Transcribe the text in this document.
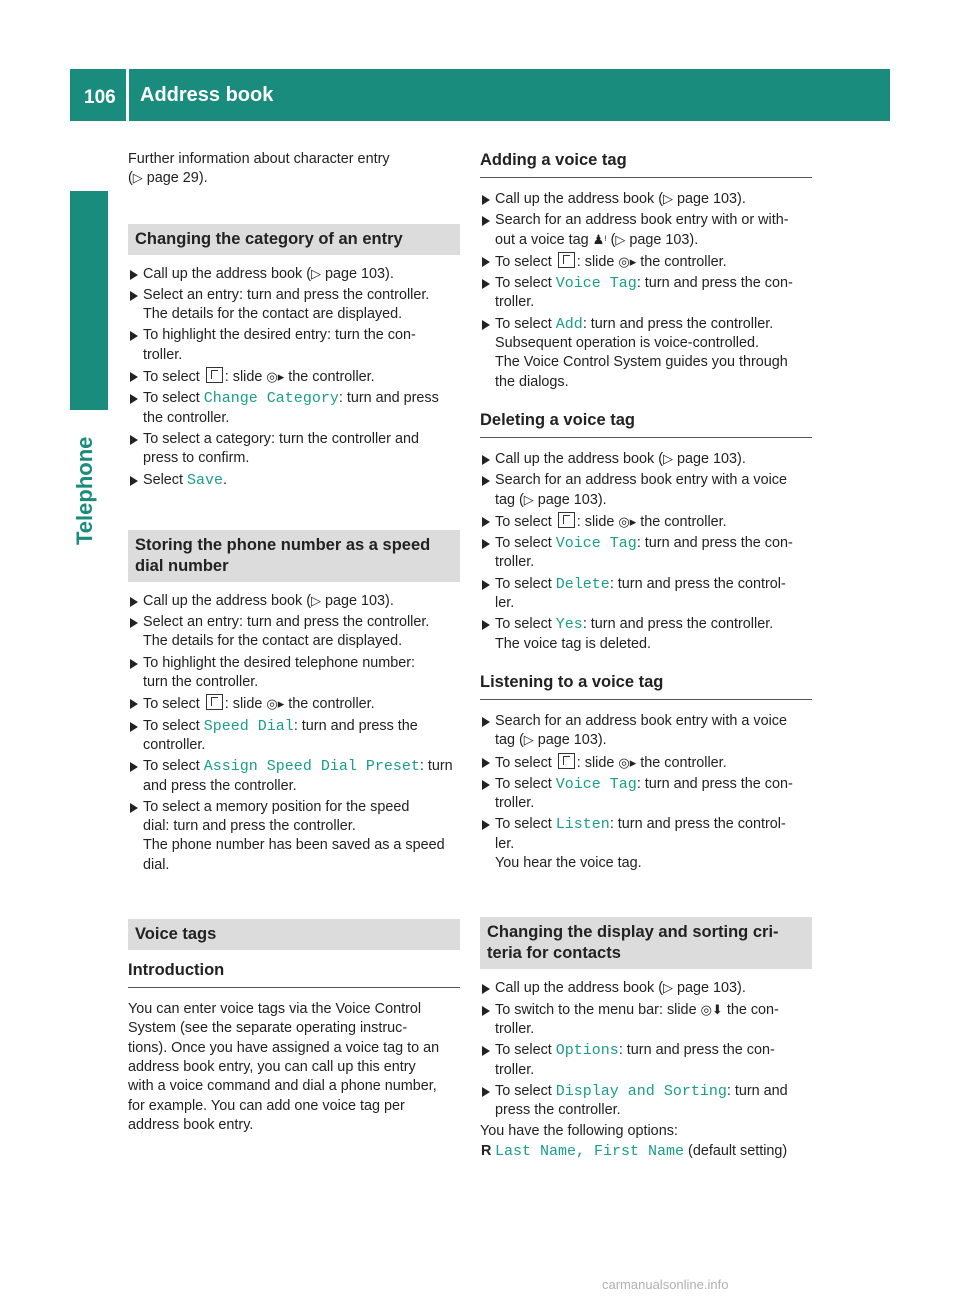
106 Address book
Telephone

Further information about character entry
(▷ page 29).

Changing the category of an entry
Call up the address book (▷ page 103).
Select an entry: turn and press the controller.
The details for the contact are displayed.
To highlight the desired entry: turn the con-
troller.
To select : slide ◎▸ the controller.
To select Change Category: turn and press
the controller.
To select a category: turn the controller and
press to confirm.
Select Save.
Storing the phone number as a speed
dial number
Call up the address book (▷ page 103).
Select an entry: turn and press the controller.
The details for the contact are displayed.
To highlight the desired telephone number:
turn the controller.
To select : slide ◎▸ the controller.
To select Speed Dial: turn and press the
controller.
To select Assign Speed Dial Preset: turn
and press the controller.
To select a memory position for the speed
dial: turn and press the controller.
The phone number has been saved as a speed
dial.
Voice tags
Introduction

You can enter voice tags via the Voice Control
System (see the separate operating instruc-
tions). Once you have assigned a voice tag to an
address book entry, you can call up this entry
with a voice command and dial a phone number,
for example. You can add one voice tag per
address book entry.

Adding a voice tag
Call up the address book (▷ page 103).
Search for an address book entry with or with-
out a voice tag ♟ᵎ (▷ page 103).
To select : slide ◎▸ the controller.
To select Voice Tag: turn and press the con-
troller.
To select Add: turn and press the controller.
Subsequent operation is voice-controlled.
The Voice Control System guides you through
the dialogs.
Deleting a voice tag
Call up the address book (▷ page 103).
Search for an address book entry with a voice
tag (▷ page 103).
To select : slide ◎▸ the controller.
To select Voice Tag: turn and press the con-
troller.
To select Delete: turn and press the control-
ler.
To select Yes: turn and press the controller.
The voice tag is deleted.
Listening to a voice tag
Search for an address book entry with a voice
tag (▷ page 103).
To select : slide ◎▸ the controller.
To select Voice Tag: turn and press the con-
troller.
To select Listen: turn and press the control-
ler.
You hear the voice tag.
Changing the display and sorting cri-
teria for contacts
Call up the address book (▷ page 103).
To switch to the menu bar: slide ◎⬇ the con-
troller.
To select Options: turn and press the con-
troller.
To select Display and Sorting: turn and
press the controller.

You have the following options:

R Last Name, First Name (default setting)
carmanualsonline.info
